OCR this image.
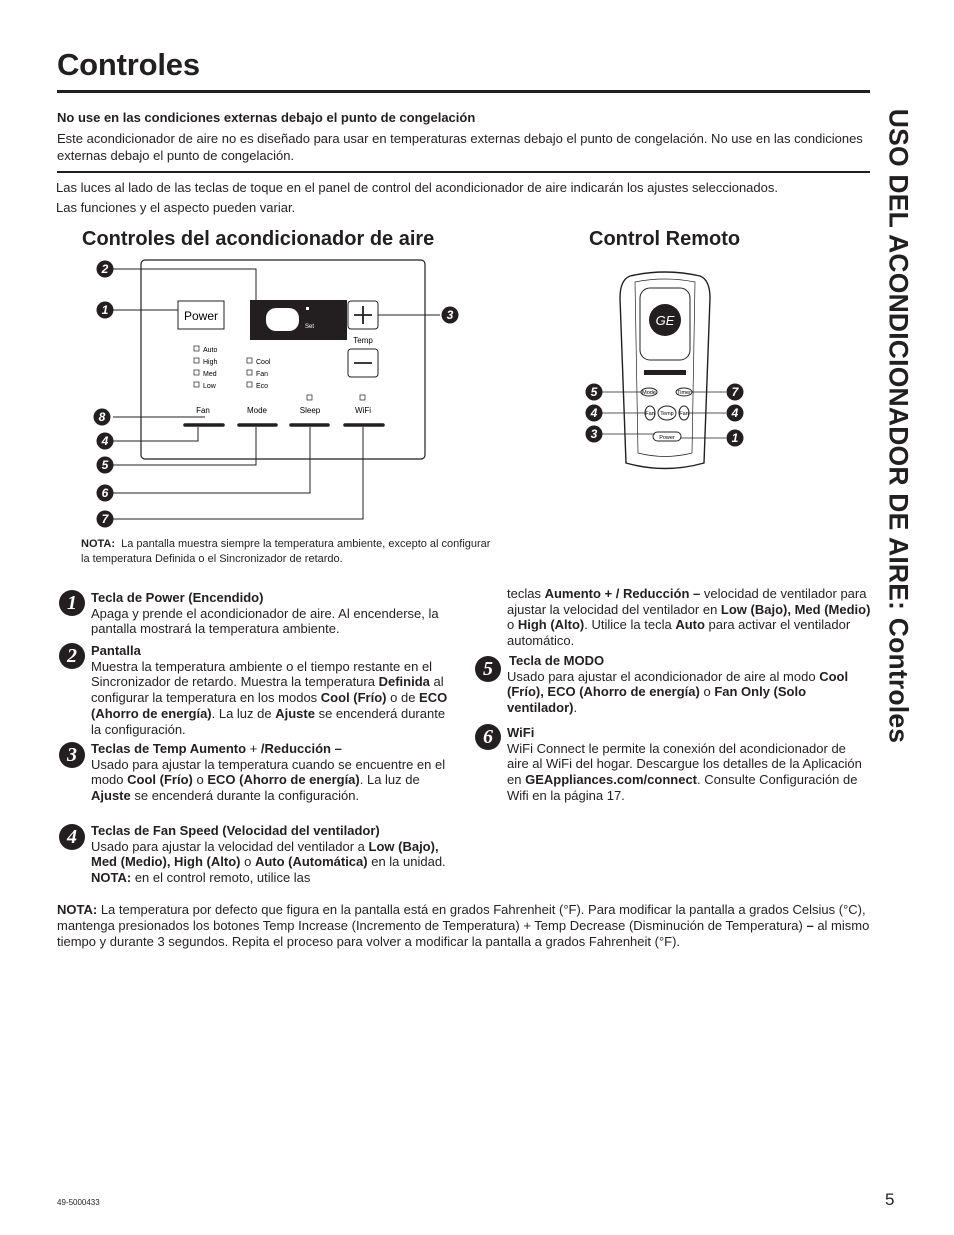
Controles
USO DEL ACONDICIONADOR DE AIRE: Controles
No use en las condiciones externas debajo el punto de congelación
Este acondicionador de aire no es diseñado para usar en temperaturas externas debajo el punto de congelación. No use en las condiciones externas debajo el punto de congelación.
Las luces al lado de las teclas de toque en el panel de control del acondicionador de aire indicarán los ajustes seleccionados.
Las funciones y el aspecto pueden variar.
Controles del acondicionador de aire	Control Remoto
Set
Power
Temp
Auto
High
Med
Low
Cool
Fan
Eco
Fan	Mode	Sleep	WiFi
2
1	3
8
4
5
6
7
NOTA: La pantalla muestra siempre la temperatura ambiente, excepto al configurar la temperatura Definida o el Sincronizador de retardo.
GE
Mode	Timer
Fan Temp Fan
Power
5
4
3
7
4
1
1	Tecla de Power (Encendido)
Apaga y prende el acondicionador de aire. Al encenderse, la pantalla mostrará la temperatura ambiente.
2	Pantalla
Muestra la temperatura ambiente o el tiempo restante en el Sincronizador de retardo. Muestra la temperatura Definida al configurar la temperatura en los modos Cool (Frío) o de ECO (Ahorro de energía). La luz de Ajuste se encenderá durante la configuración.
3	Teclas de Temp Aumento + /Reducción –
Usado para ajustar la temperatura cuando se encuentre en el modo Cool (Frío) o ECO (Ahorro de energía). La luz de Ajuste se encenderá durante la configuración.
4	Teclas de Fan Speed (Velocidad del ventilador)
Usado para ajustar la velocidad del ventilador a Low (Bajo), Med (Medio), High (Alto) o Auto (Automática) en la unidad. NOTA: en el control remoto, utilice las
teclas Aumento + / Reducción – velocidad de ventilador para ajustar la velocidad del ventilador en Low (Bajo), Med (Medio) o High (Alto). Utilice la tecla Auto para activar el ventilador automático.
5	Tecla de MODO
Usado para ajustar el acondicionador de aire al modo Cool (Frío), ECO (Ahorro de energía) o Fan Only (Solo ventilador).
6	WiFi
WiFi Connect le permite la conexión del acondicionador de aire al WiFi del hogar. Descargue los detalles de la Aplicación en GEAppliances.com/connect. Consulte Configuración de Wifi en la página 17.
NOTA: La temperatura por defecto que figura en la pantalla está en grados Fahrenheit (°F). Para modificar la pantalla a grados Celsius (°C), mantenga presionados los botones Temp Increase (Incremento de Temperatura) + Temp Decrease (Disminución de Temperatura) – al mismo tiempo y durante 3 segundos. Repita el proceso para volver a modificar la pantalla a grados Fahrenheit (°F).
49-5000433	5
